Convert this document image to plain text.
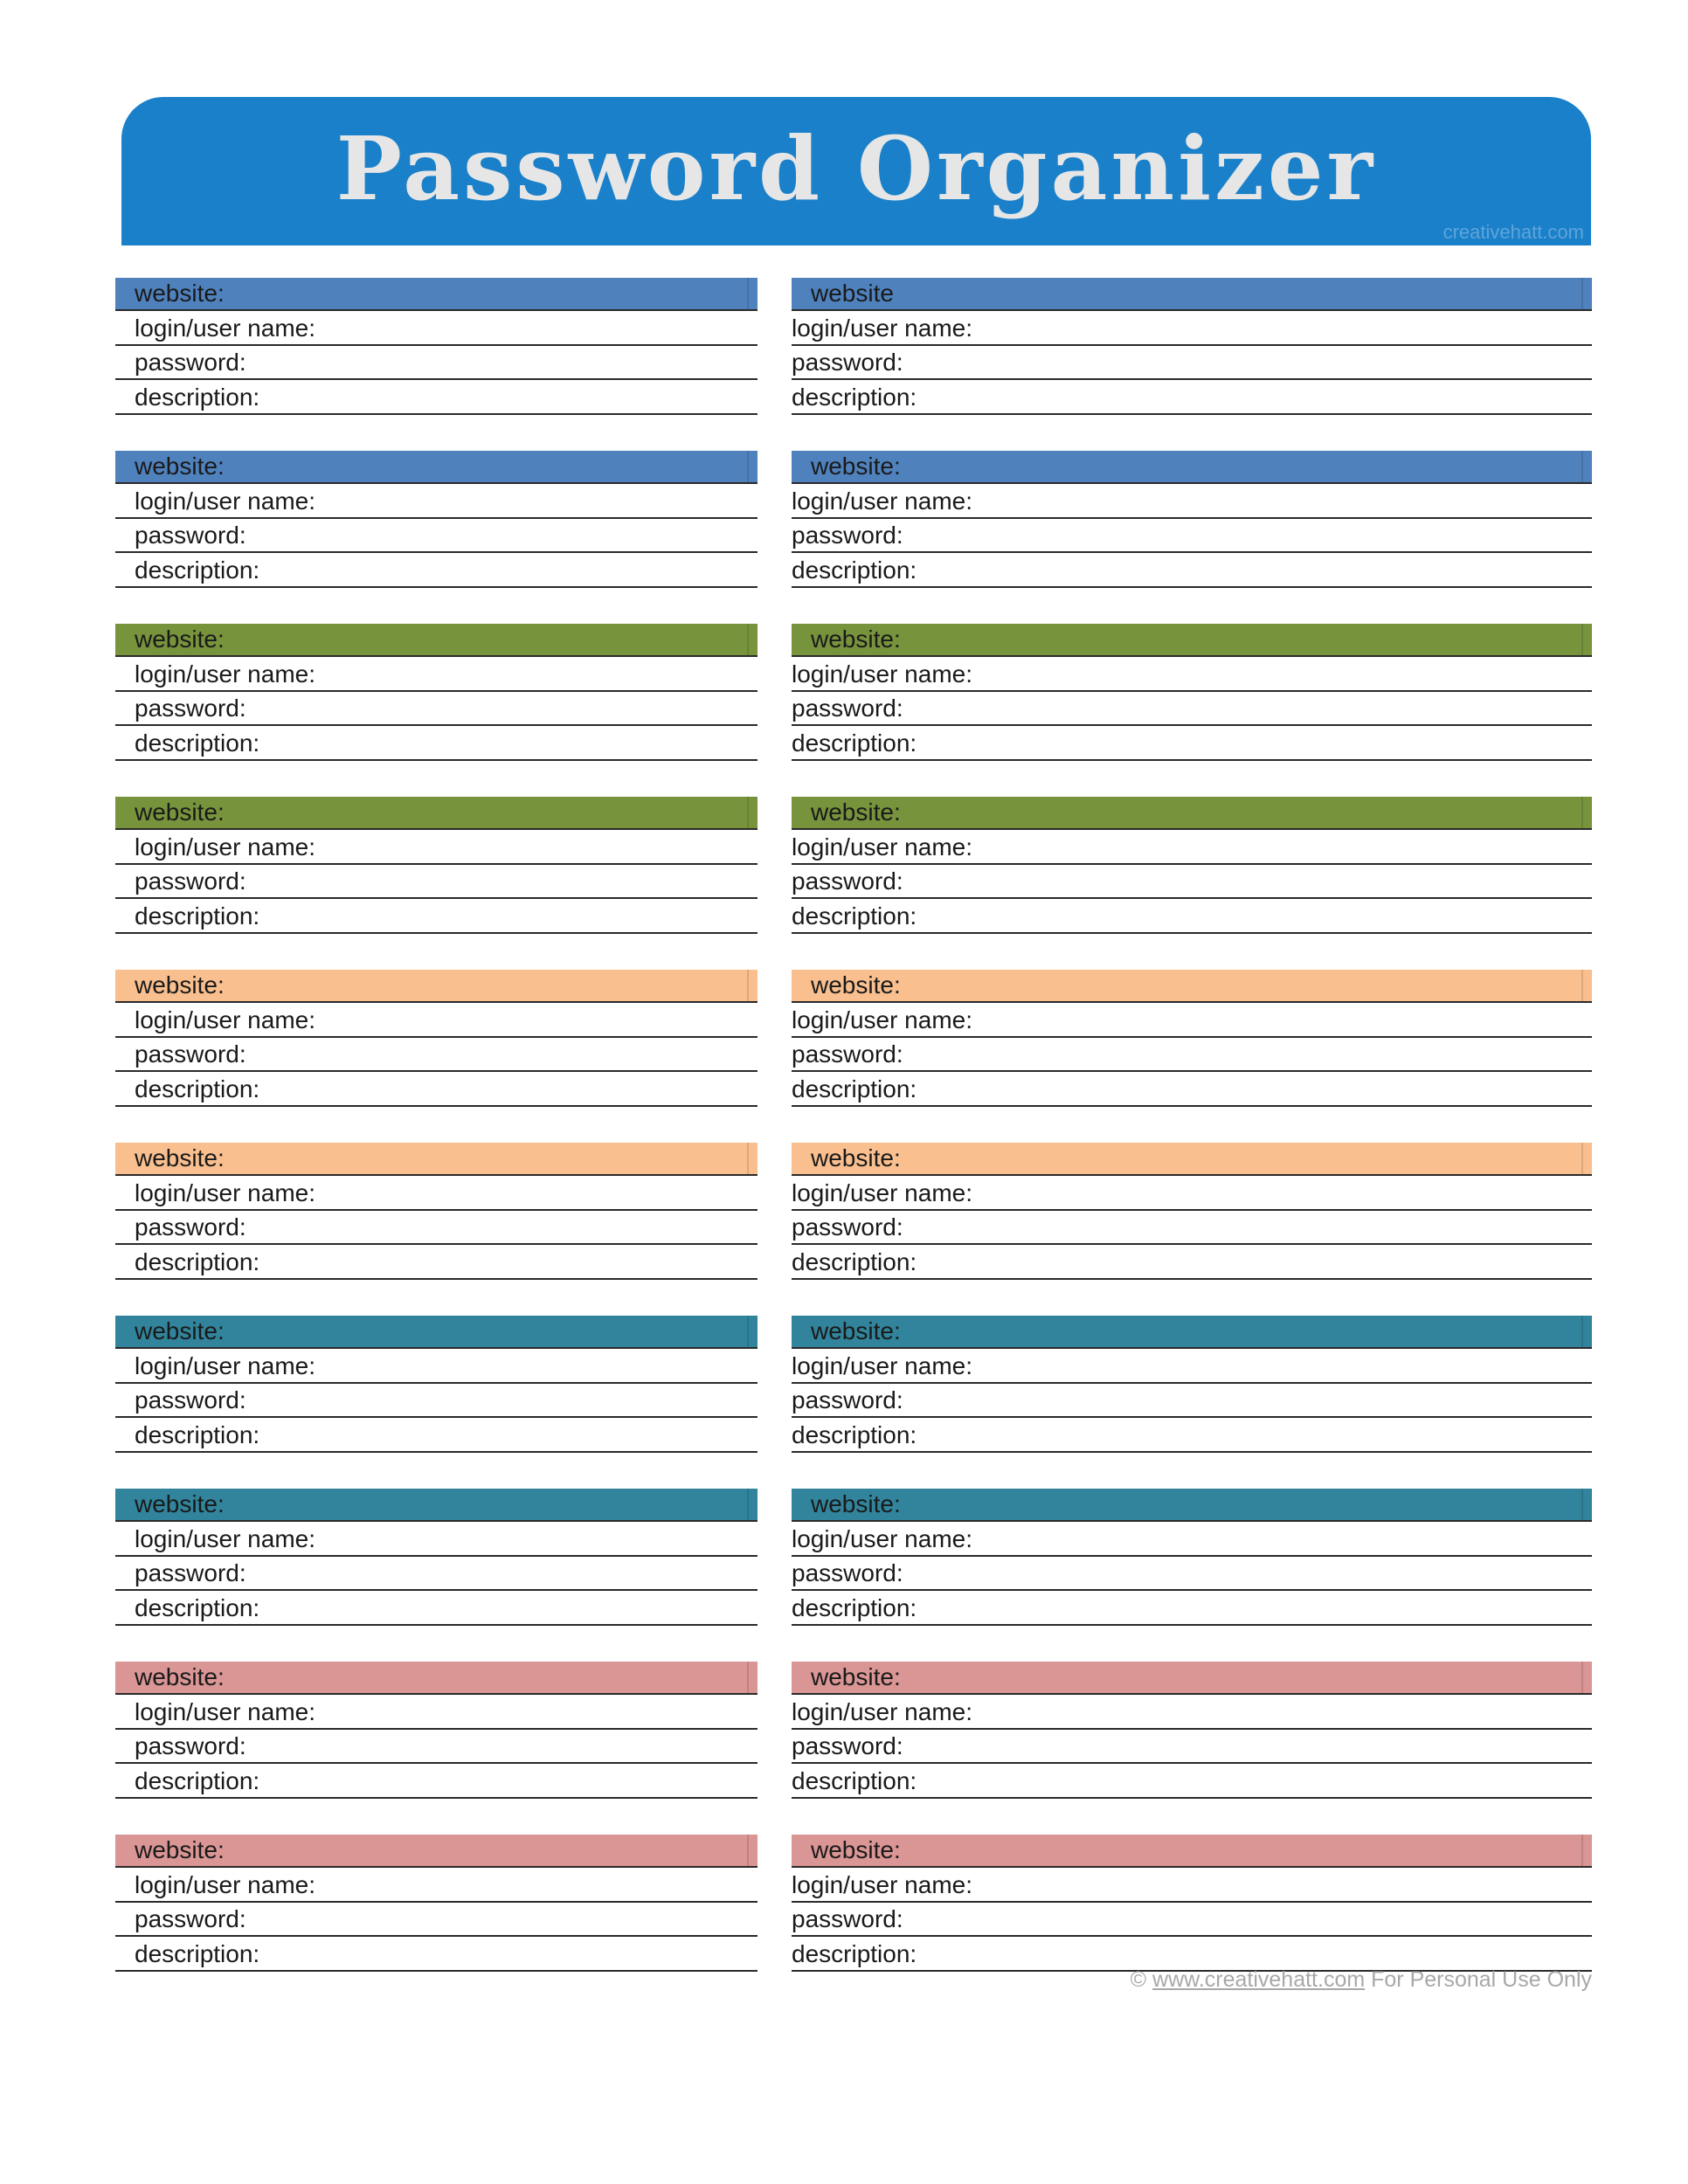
Password Organizer
creativehatt.com
website:
login/user name:
password:
description:
website:
login/user name:
password:
description:
website:
login/user name:
password:
description:
website:
login/user name:
password:
description:
website:
login/user name:
password:
description:
website:
login/user name:
password:
description:
website:
login/user name:
password:
description:
website:
login/user name:
password:
description:
website:
login/user name:
password:
description:
website:
login/user name:
password:
description:
website
login/user name:
password:
description:
website:
login/user name:
password:
description:
website:
login/user name:
password:
description:
website:
login/user name:
password:
description:
website:
login/user name:
password:
description:
website:
login/user name:
password:
description:
website:
login/user name:
password:
description:
website:
login/user name:
password:
description:
website:
login/user name:
password:
description:
website:
login/user name:
password:
description:
© www.creativehatt.com For Personal Use Only
